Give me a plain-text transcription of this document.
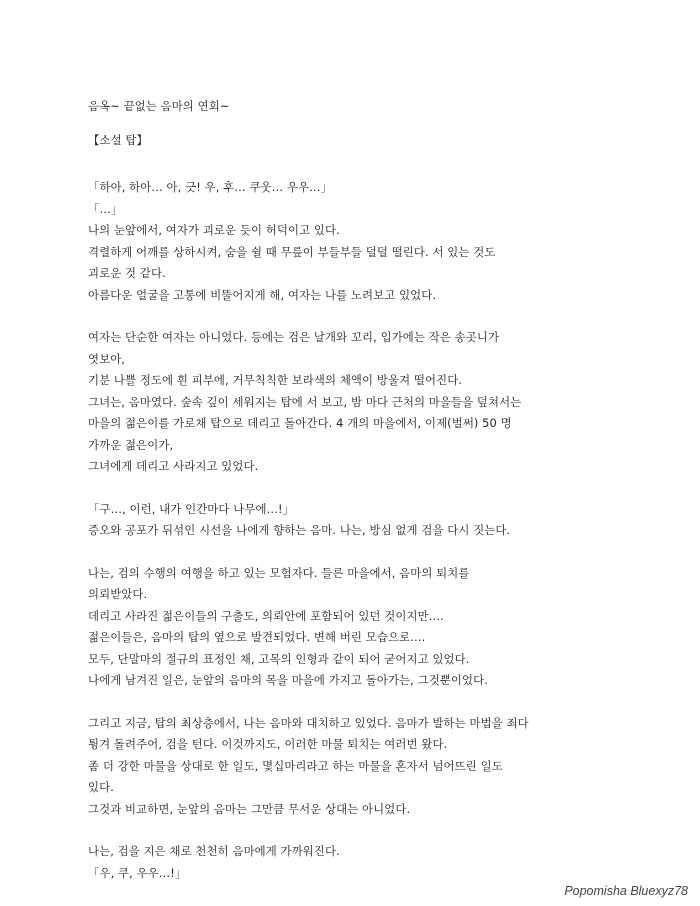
음옥~ 끝없는 음마의 연회~
【소설 탑】
「하아, 하아… 아, 긋! 우, 후… 쿠웃… 우우…」
「…」
나의 눈앞에서, 여자가 괴로운 듯이 허덕이고 있다.
격렬하게 어깨를 상하시켜, 숨을 쉴 때 무릎이 부들부들 덜덜 떨린다. 서 있는 것도
괴로운 것 같다.
아름다운 얼굴을 고통에 비뚤어지게 해, 여자는 나를 노려보고 있었다.
여자는 단순한 여자는 아니었다. 등에는 검은 날개와 꼬리, 입가에는 작은 송곳니가
엿보아,
기분 나쁠 정도에 흰 피부에, 거무칙칙한 보라색의 체액이 방울져 떨어진다.
그녀는, 음마였다. 숲속 깊이 세워지는 탑에 서 보고, 밤 마다 근처의 마을들을 덮쳐서는
마을의 젊은이를 가로채 탑으로 데리고 돌아간다. 4 개의 마을에서, 이제(벌써) 50 명
가까운 젊은이가,
그녀에게 데리고 사라지고 있었다.
「구…, 이런, 내가 인간마다 나무에…!」
증오와 공포가 뒤섞인 시선을 나에게 향하는 음마. 나는, 방심 없게 검을 다시 짓는다.
나는, 검의 수행의 여행을 하고 있는 모험자다. 들른 마을에서, 음마의 퇴치를
의뢰받았다.
데리고 사라진 젊은이들의 구출도, 의뢰안에 포함되어 있던 것이지만….
젊은이들은, 음마의 탑의 옆으로 발견되었다. 변해 버린 모습으로….
모두, 단말마의 절규의 표정인 채, 고목의 인형과 같이 되어 굳어지고 있었다.
나에게 남겨진 일은, 눈앞의 음마의 목을 마을에 가지고 돌아가는, 그것뿐이었다.
그리고 지금, 탑의 최상층에서, 나는 음마와 대치하고 있었다. 음마가 발하는 마법을 죄다
튕겨 돌려주어, 검을 턴다. 이것까지도, 이러한 마물 퇴치는 여러번 왔다.
좀 더 강한 마물을 상대로 한 일도, 몇십마리라고 하는 마물을 혼자서 넘어뜨린 일도
있다.
그것과 비교하면, 눈앞의 음마는 그만큼 무서운 상대는 아니었다.
나는, 검을 지은 채로 천천히 음마에게 가까워진다.
「우, 쿠, 우우…!」
Popomisha Bluexyz78
